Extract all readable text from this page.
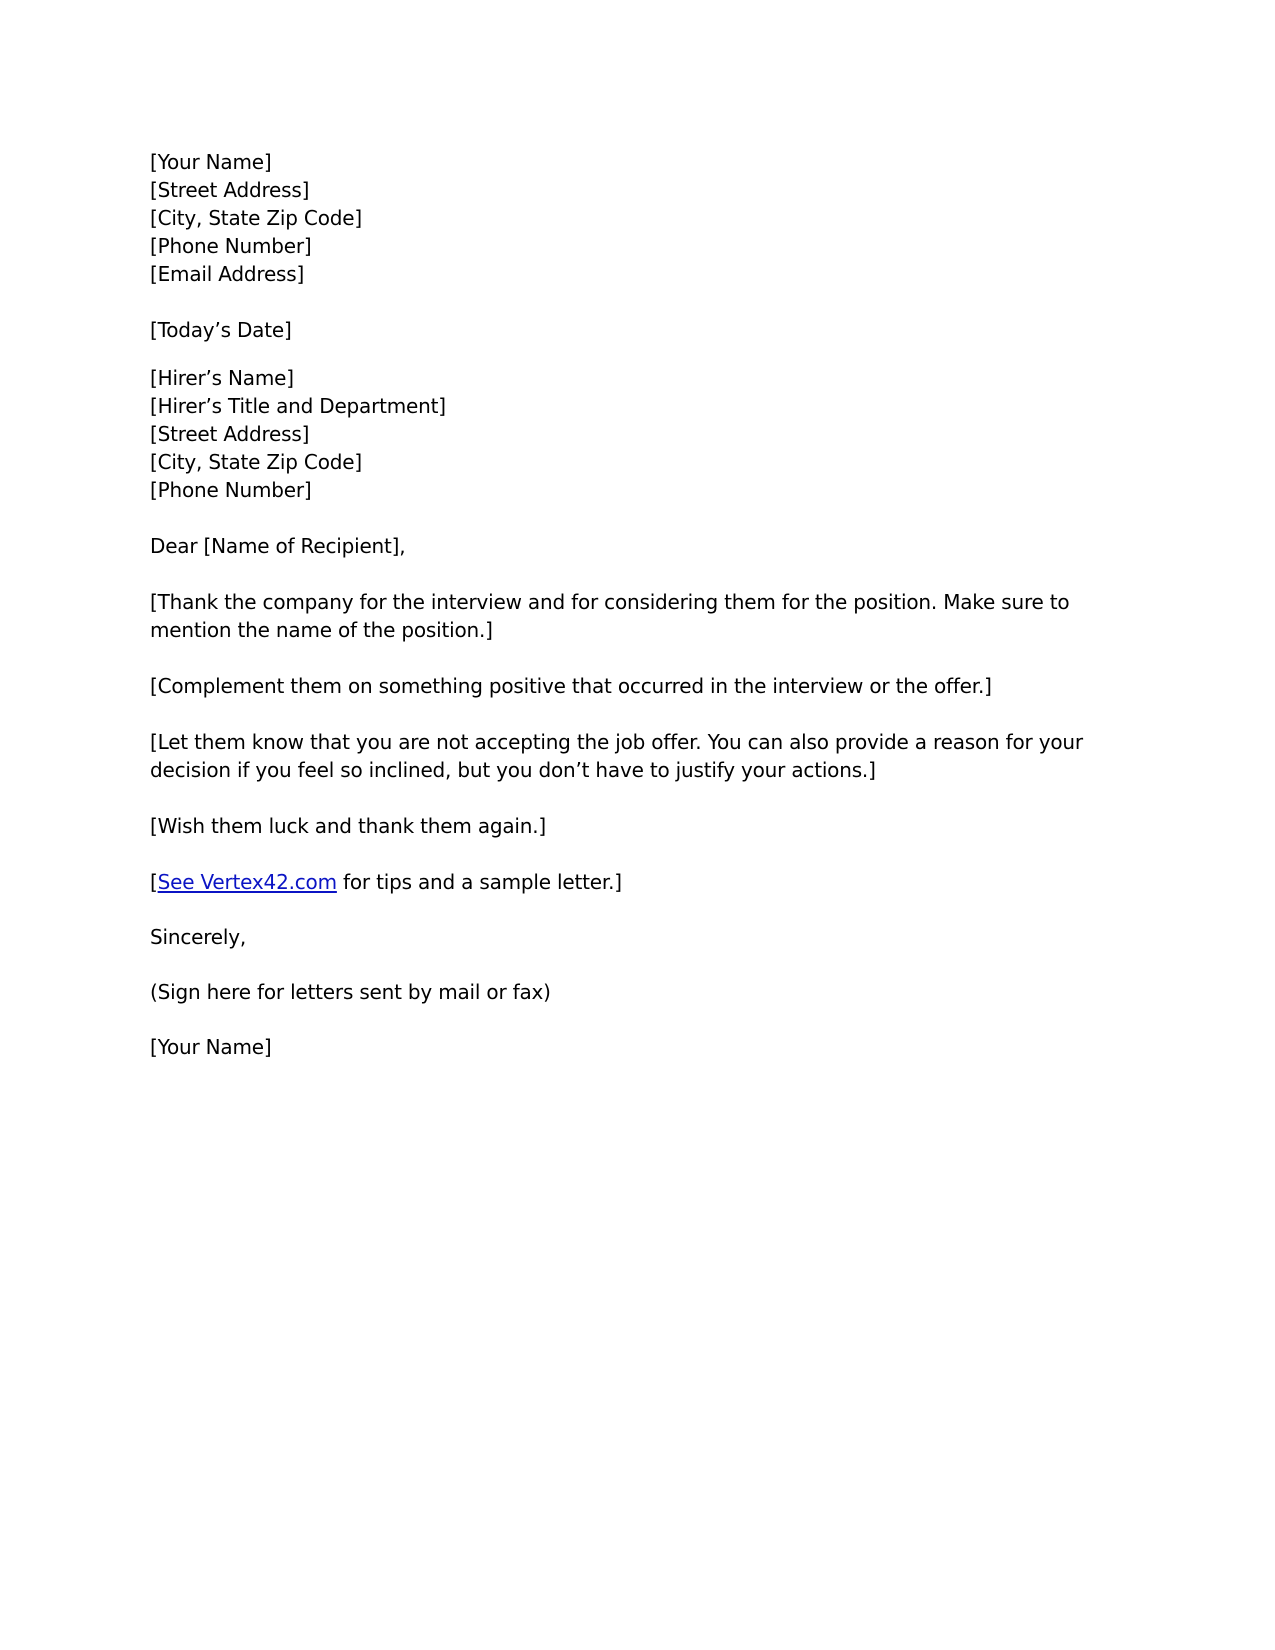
[Your Name]
[Street Address]
[City, State Zip Code]
[Phone Number]
[Email Address]
[Today’s Date]
[Hirer’s Name]
[Hirer’s Title and Department]
[Street Address]
[City, State Zip Code]
[Phone Number]
Dear [Name of Recipient],
[Thank the company for the interview and for considering them for the position. Make sure to mention the name of the position.]
[Complement them on something positive that occurred in the interview or the offer.]
[Let them know that you are not accepting the job offer. You can also provide a reason for your decision if you feel so inclined, but you don’t have to justify your actions.]
[Wish them luck and thank them again.]
[See Vertex42.com for tips and a sample letter.]
Sincerely,
(Sign here for letters sent by mail or fax)
[Your Name]
